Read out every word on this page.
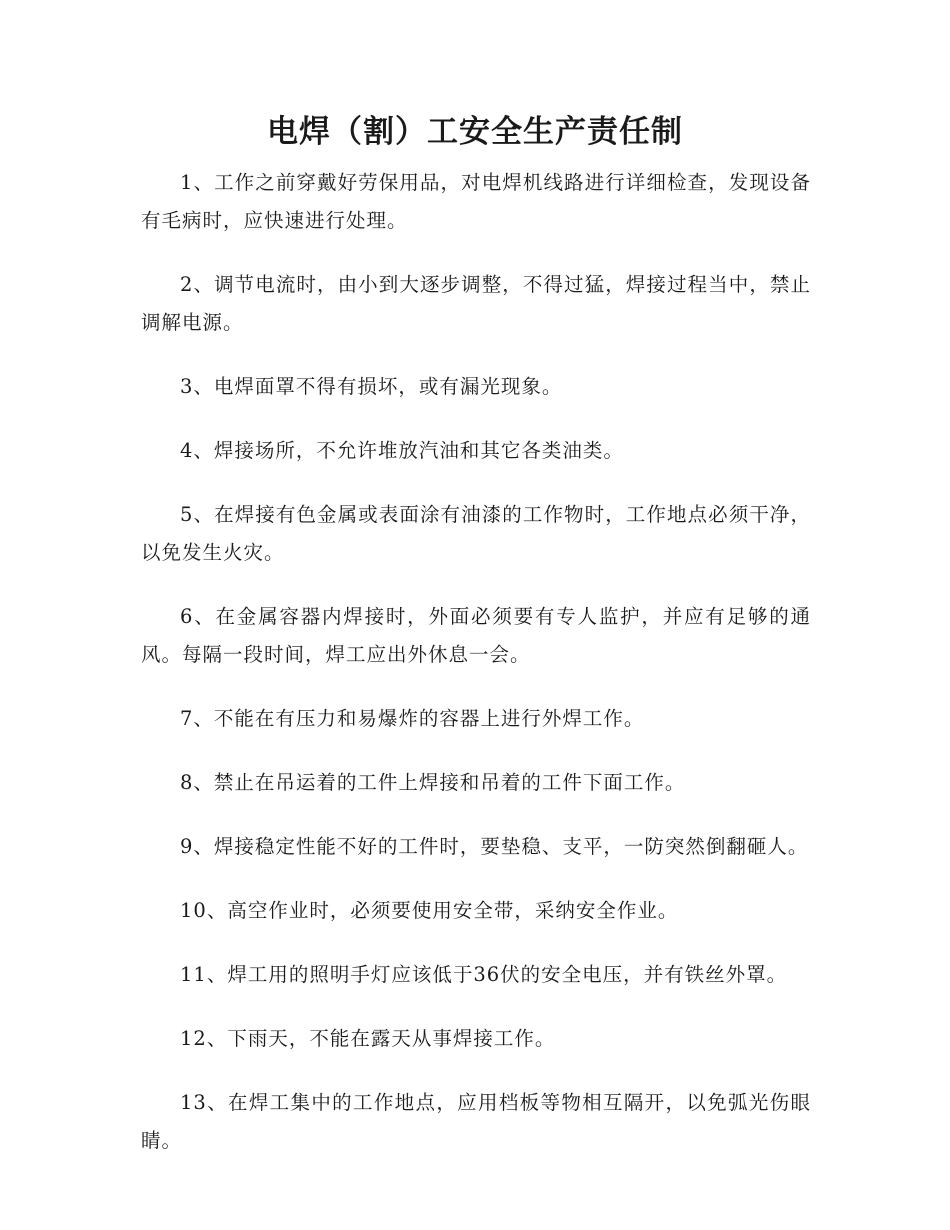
电焊（割）工安全生产责任制

1、工作之前穿戴好劳保用品，对电焊机线路进行详细检查，发现设备有毛病时，应快速进行处理。

2、调节电流时，由小到大逐步调整，不得过猛，焊接过程当中，禁止调解电源。

3、电焊面罩不得有损坏，或有漏光现象。

4、焊接场所，不允许堆放汽油和其它各类油类。

5、在焊接有色金属或表面涂有油漆的工作物时，工作地点必须干净，以免发生火灾。

6、在金属容器内焊接时，外面必须要有专人监护，并应有足够的通风。每隔一段时间，焊工应出外休息一会。

7、不能在有压力和易爆炸的容器上进行外焊工作。

8、禁止在吊运着的工件上焊接和吊着的工件下面工作。

9、焊接稳定性能不好的工件时，要垫稳、支平，一防突然倒翻砸人。

10、高空作业时，必须要使用安全带，采纳安全作业。

11、焊工用的照明手灯应该低于36伏的安全电压，并有铁丝外罩。

12、下雨天，不能在露天从事焊接工作。

13、在焊工集中的工作地点，应用档板等物相互隔开，以免弧光伤眼睛。
